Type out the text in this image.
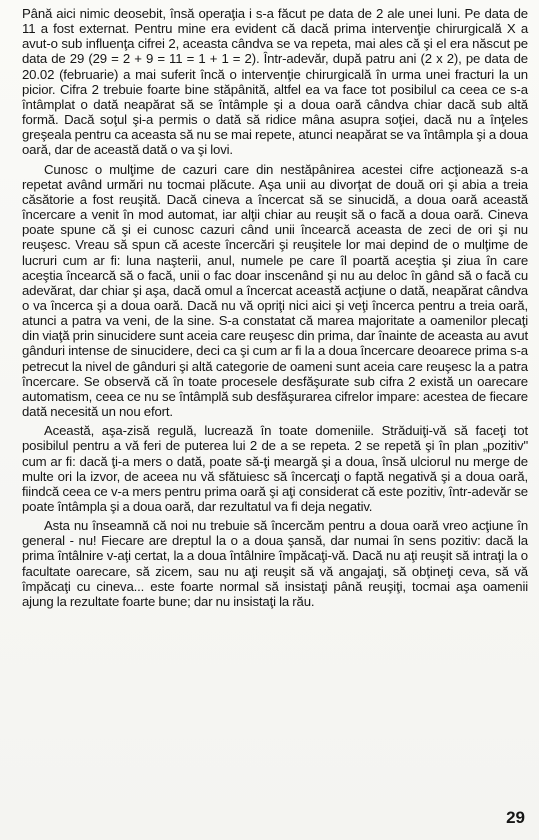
Până aici nimic deosebit, însă operaţia i s-a făcut pe data de 2 ale unei luni. Pe data de 11 a fost externat. Pentru mine era evident că dacă prima intervenţie chirurgicală X a avut-o sub influenţa cifrei 2, aceasta cândva se va repeta, mai ales că şi el era născut pe data de 29 (29 = 2 + 9 = 11 = 1 + 1 = 2). Într-adevăr, după patru ani (2 x 2), pe data de 20.02 (februarie) a mai suferit încă o intervenţie chirurgicală în urma unei fracturi la un picior. Cifra 2 trebuie foarte bine stăpânită, altfel ea va face tot posibilul ca ceea ce s-a întâmplat o dată neapărat să se întâmple şi a doua oară cândva chiar dacă sub altă formă. Dacă soţul şi-a permis o dată să ridice mâna asupra soţiei, dacă nu a înţeles greşeala pentru ca aceasta să nu se mai repete, atunci neapărat se va întâmpla şi a doua oară, dar de această dată o va şi lovi.

Cunosc o mulţime de cazuri care din nestăpânirea acestei cifre acţionează s-a repetat având urmări nu tocmai plăcute. Aşa unii au divorţat de două ori şi abia a treia căsătorie a fost reuşită. Dacă cineva a încercat să se sinucidă, a doua oară această încercare a venit în mod automat, iar alţii chiar au reuşit să o facă a doua oară. Cineva poate spune că şi ei cunosc cazuri când unii încearcă aceasta de zeci de ori şi nu reuşesc. Vreau să spun că aceste încercări şi reuşitele lor mai depind de o mulţime de lucruri cum ar fi: luna naşterii, anul, numele pe care îl poartă aceştia şi ziua în care aceştia încearcă să o facă, unii o fac doar inscenând şi nu au deloc în gând să o facă cu adevărat, dar chiar şi aşa, dacă omul a încercat această acţiune o dată, neapărat cândva o va încerca şi a doua oară. Dacă nu vă opriţi nici aici şi veţi încerca pentru a treia oară, atunci a patra va veni, de la sine. S-a constatat că marea majoritate a oamenilor plecaţi din viaţă prin sinucidere sunt aceia care reuşesc din prima, dar înainte de aceasta au avut gânduri intense de sinucidere, deci ca şi cum ar fi la a doua încercare deoarece prima s-a petrecut la nivel de gânduri şi altă categorie de oameni sunt aceia care reuşesc la a patra încercare. Se observă că în toate procesele desfăşurate sub cifra 2 există un oarecare automatism, ceea ce nu se întâmplă sub desfăşurarea cifrelor impare: acestea de fiecare dată necesită un nou efort.

Această, aşa-zisă regulă, lucrează în toate domeniile. Străduiţi-vă să faceţi tot posibilul pentru a vă feri de puterea lui 2 de a se repeta. 2 se repetă şi în plan „pozitiv" cum ar fi: dacă ţi-a mers o dată, poate să-ţi meargă şi a doua, însă ulciorul nu merge de multe ori la izvor, de aceea nu vă sfătuiesc să încercaţi o faptă negativă şi a doua oară, fiindcă ceea ce v-a mers pentru prima oară şi aţi considerat că este pozitiv, într-adevăr se poate întâmpla şi a doua oară, dar rezultatul va fi deja negativ.

Asta nu înseamnă că noi nu trebuie să încercăm pentru a doua oară vreo acţiune în general - nu! Fiecare are dreptul la o a doua şansă, dar numai în sens pozitiv: dacă la prima întâlnire v-aţi certat, la a doua întâlnire împăcaţi-vă. Dacă nu aţi reuşit să intraţi la o facultate oarecare, să zicem, sau nu aţi reuşit să vă angajaţi, să obţineţi ceva, să vă împăcaţi cu cineva... este foarte normal să insistaţi până reuşiţi, tocmai aşa oamenii ajung la rezultate foarte bune; dar nu insistaţi la rău.

29
